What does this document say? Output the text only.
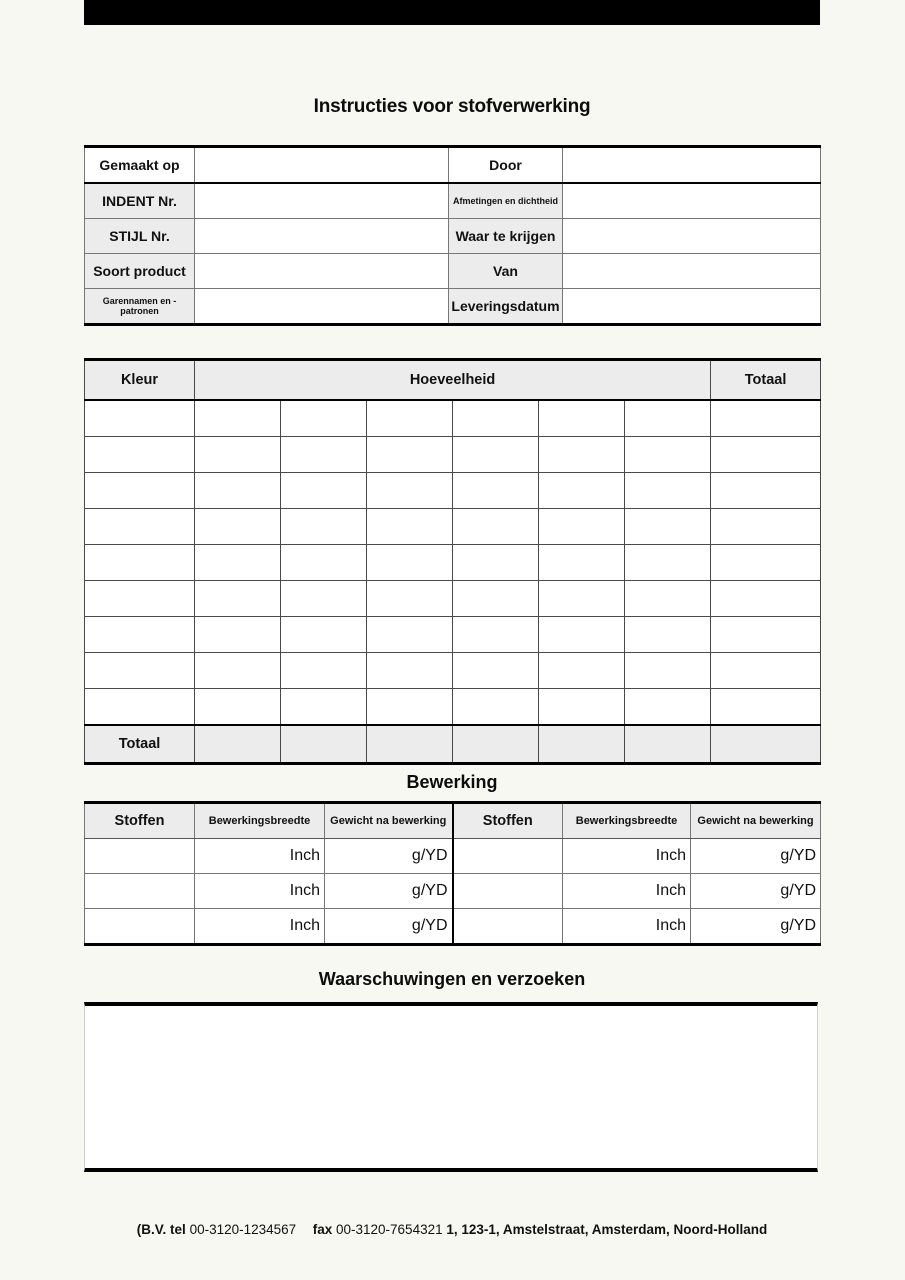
Instructies voor stofverwerking
Gemaakt op		Door	
INDENT Nr.		Afmetingen en dichtheid	
STIJL Nr.		Waar te krijgen	
Soort product		Van	
Garennamen en -patronen		Leveringsdatum	
Kleur	Hoeveelheid						Totaal

Totaal							
Bewerking
Stoffen	Bewerkingsbreedte	Gewicht na bewerking	Stoffen	Bewerkingsbreedte	Gewicht na bewerking
	Inch	g/YD		Inch	g/YD
	Inch	g/YD		Inch	g/YD
	Inch	g/YD		Inch	g/YD
Waarschuwingen en verzoeken
(B.V. tel 00-3120-1234567 fax 00-3120-7654321 1, 123-1, Amstelstraat, Amsterdam, Noord-Holland
